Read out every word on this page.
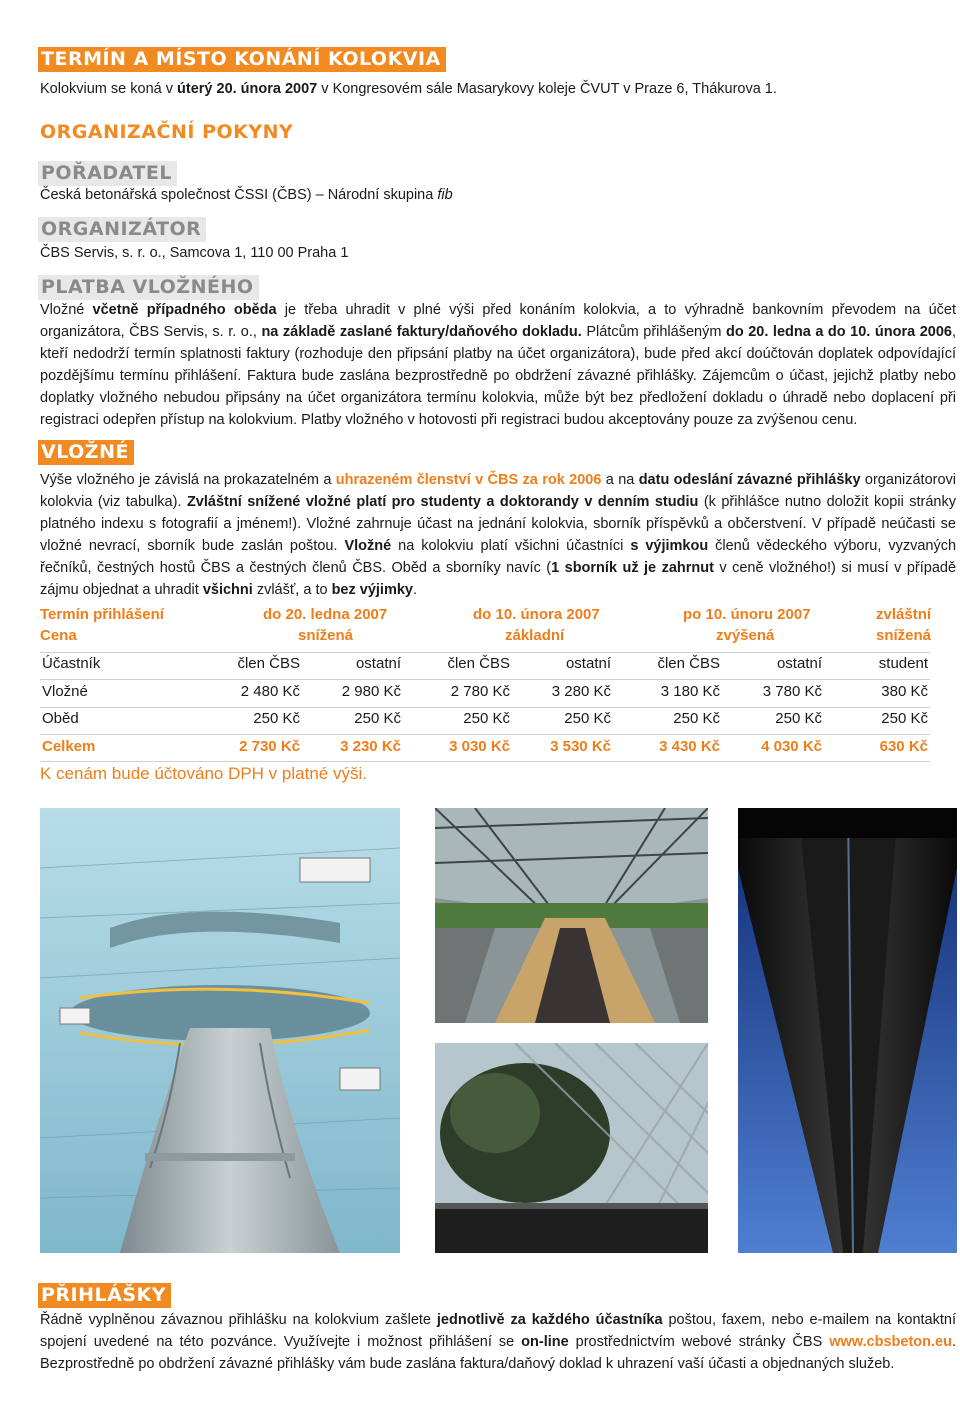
TERMÍN A MÍSTO KONÁNÍ KOLOKVIA
Kolokvium se koná v úterý 20. února 2007 v Kongresovém sále Masarykovy koleje ČVUT v Praze 6, Thákurova 1.
ORGANIZAČNÍ POKYNY
POŘADATEL
Česká betonářská společnost ČSSI (ČBS) – Národní skupina fib
ORGANIZÁTOR
ČBS Servis, s. r. o., Samcova 1, 110 00 Praha 1
PLATBA VLOŽNÉHO
Vložné včetně případného oběda je třeba uhradit v plné výši před konáním kolokvia, a to výhradně bankovním převodem na účet organizátora, ČBS Servis, s. r. o., na základě zaslané faktury/daňového dokladu. Plátcům přihlášeným do 20. ledna a do 10. února 2006, kteří nedodrží termín splatnosti faktury (rozhoduje den připsání platby na účet organizátora), bude před akcí doúčtován doplatek odpovídající pozdějšímu termínu přihlášení. Faktura bude zaslána bezprostředně po obdržení závazné přihlášky. Zájemcům o účast, jejichž platby nebo doplatky vložného nebudou připsány na účet organizátora termínu kolokvia, může být bez předložení dokladu o úhradě nebo doplacení při registraci odepřen přístup na kolokvium. Platby vložného v hotovosti při registraci budou akceptovány pouze za zvýšenou cenu.
VLOŽNÉ
Výše vložného je závislá na prokazatelném a uhrazeném členství v ČBS za rok 2006 a na datu odeslání závazné přihlášky organizátorovi kolokvia (viz tabulka). Zvláštní snížené vložné platí pro studenty a doktorandy v denním studiu (k přihlášce nutno doložit kopii stránky platného indexu s fotografií a jménem!). Vložné zahrnuje účast na jednání kolokvia, sborník příspěvků a občerstvení. V případě neúčasti se vložné nevrací, sborník bude zaslán poštou. Vložné na kolokviu platí všichni účastníci s výjimkou členů vědeckého výboru, vyzvaných řečníků, čestných hostů ČBS a čestných členů ČBS. Oběd a sborníky navíc (1 sborník už je zahrnut v ceně vložného!) si musí v případě zájmu objednat a uhradit všichni zvlášť, a to bez výjimky.
Termín přihlášení	do 20. ledna 2007	do 10. února 2007	po 10. únoru 2007	zvláštní
Cena	snížená	základní	zvýšená	snížená
Účastník	člen ČBS	ostatní	člen ČBS	ostatní	člen ČBS	ostatní	student
Vložné	2 480 Kč	2 980 Kč	2 780 Kč	3 280 Kč	3 180 Kč	3 780 Kč	380 Kč
Oběd	250 Kč	250 Kč	250 Kč	250 Kč	250 Kč	250 Kč	250 Kč
Celkem	2 730 Kč	3 230 Kč	3 030 Kč	3 530 Kč	3 430 Kč	4 030 Kč	630 Kč
K cenám bude účtováno DPH v platné výši.
PŘIHLÁŠKY
Řádně vyplněnou závaznou přihlášku na kolokvium zašlete jednotlivě za každého účastníka poštou, faxem, nebo e-mailem na kontaktní spojení uvedené na této pozvánce. Využívejte i možnost přihlášení se on-line prostřednictvím webové stránky ČBS www.cbsbeton.eu. Bezprostředně po obdržení závazné přihlášky vám bude zaslána faktura/daňový doklad k uhrazení vaší účasti a objednaných služeb.
